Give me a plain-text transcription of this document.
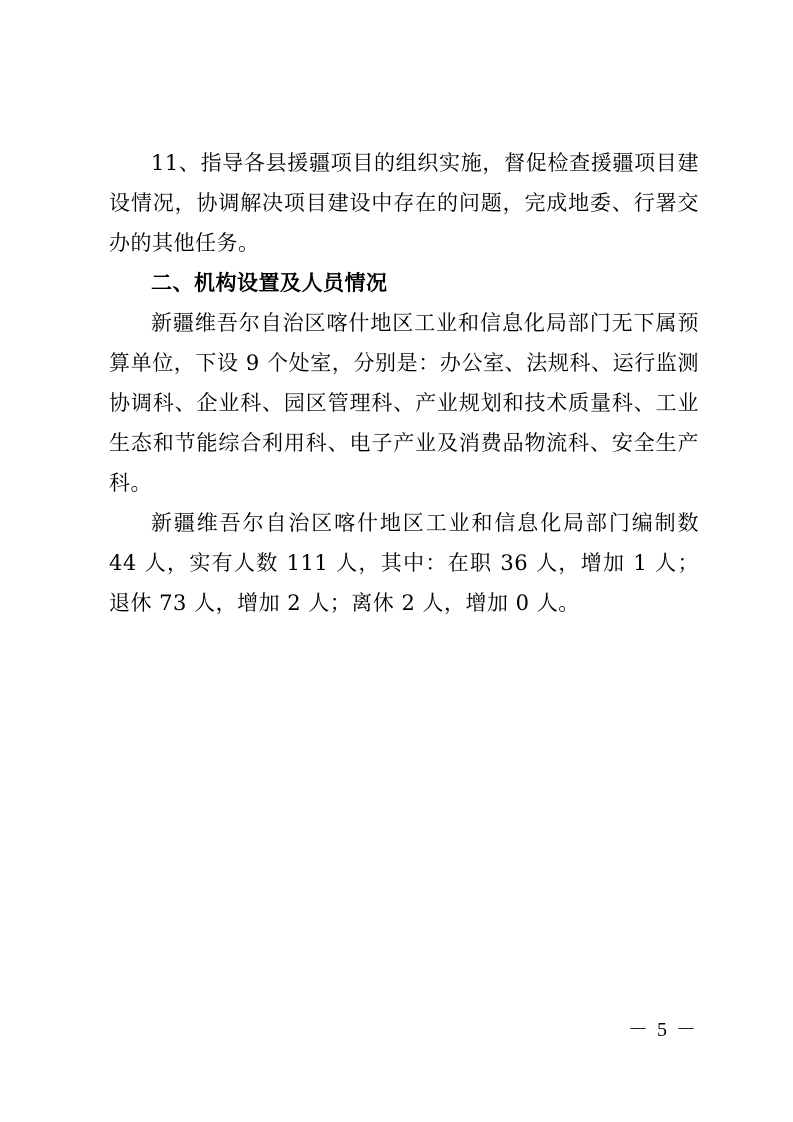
11、指导各县援疆项目的组织实施，督促检查援疆项目建设情况，协调解决项目建设中存在的问题，完成地委、行署交办的其他任务。

二、机构设置及人员情况

新疆维吾尔自治区喀什地区工业和信息化局部门无下属预算单位，下设 9 个处室，分别是：办公室、法规科、运行监测协调科、企业科、园区管理科、产业规划和技术质量科、工业生态和节能综合利用科、电子产业及消费品物流科、安全生产科。

新疆维吾尔自治区喀什地区工业和信息化局部门编制数 44 人，实有人数 111 人，其中：在职 36 人，增加 1 人；退休 73 人，增加 2 人；离休 2 人，增加 0 人。

－ 5 －
